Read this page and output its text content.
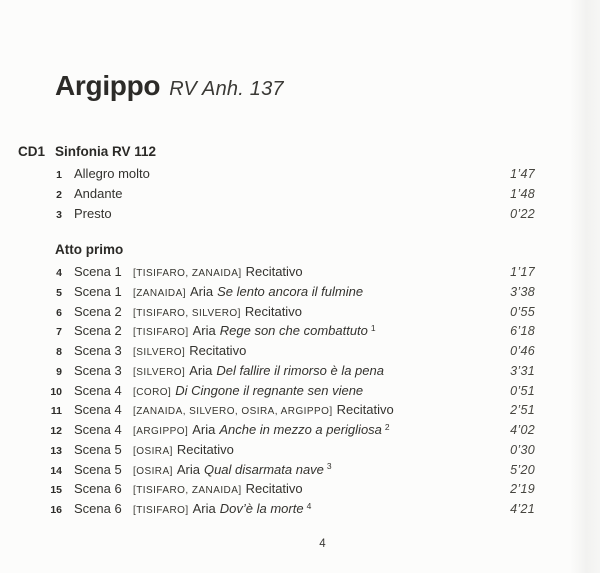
Argippo RV Anh. 137
CD1 Sinfonia RV 112
1 Allegro molto	1’47
2 Andante	1’48
3 Presto	0’22
Atto primo
4 Scena 1	[TISIFARO, ZANAIDA] Recitativo	1’17
5 Scena 1	[ZANAIDA] Aria Se lento ancora il fulmine	3’38
6 Scena 2	[TISIFARO, SILVERO] Recitativo	0’55
7 Scena 2	[TISIFARO] Aria Rege son che combattuto $^1$	6’18
8 Scena 3	[SILVERO] Recitativo	0’46
9 Scena 3	[SILVERO] Aria Del fallire il rimorso è la pena	3’31
10 Scena 4	[CORO] Di Cingone il regnante sen viene	0’51
11 Scena 4	[ZANAIDA, SILVERO, OSIRA, ARGIPPO] Recitativo	2’51
12 Scena 4	[ARGIPPO] Aria Anche in mezzo a perigliosa $^2$	4’02
13 Scena 5	[OSIRA] Recitativo	0’30
14 Scena 5	[OSIRA] Aria Qual disarmata nave $^3$	5’20
15 Scena 6	[TISIFARO, ZANAIDA] Recitativo	2’19
16 Scena 6	[TISIFARO] Aria Dov’è la morte $^4$	4’21
4
